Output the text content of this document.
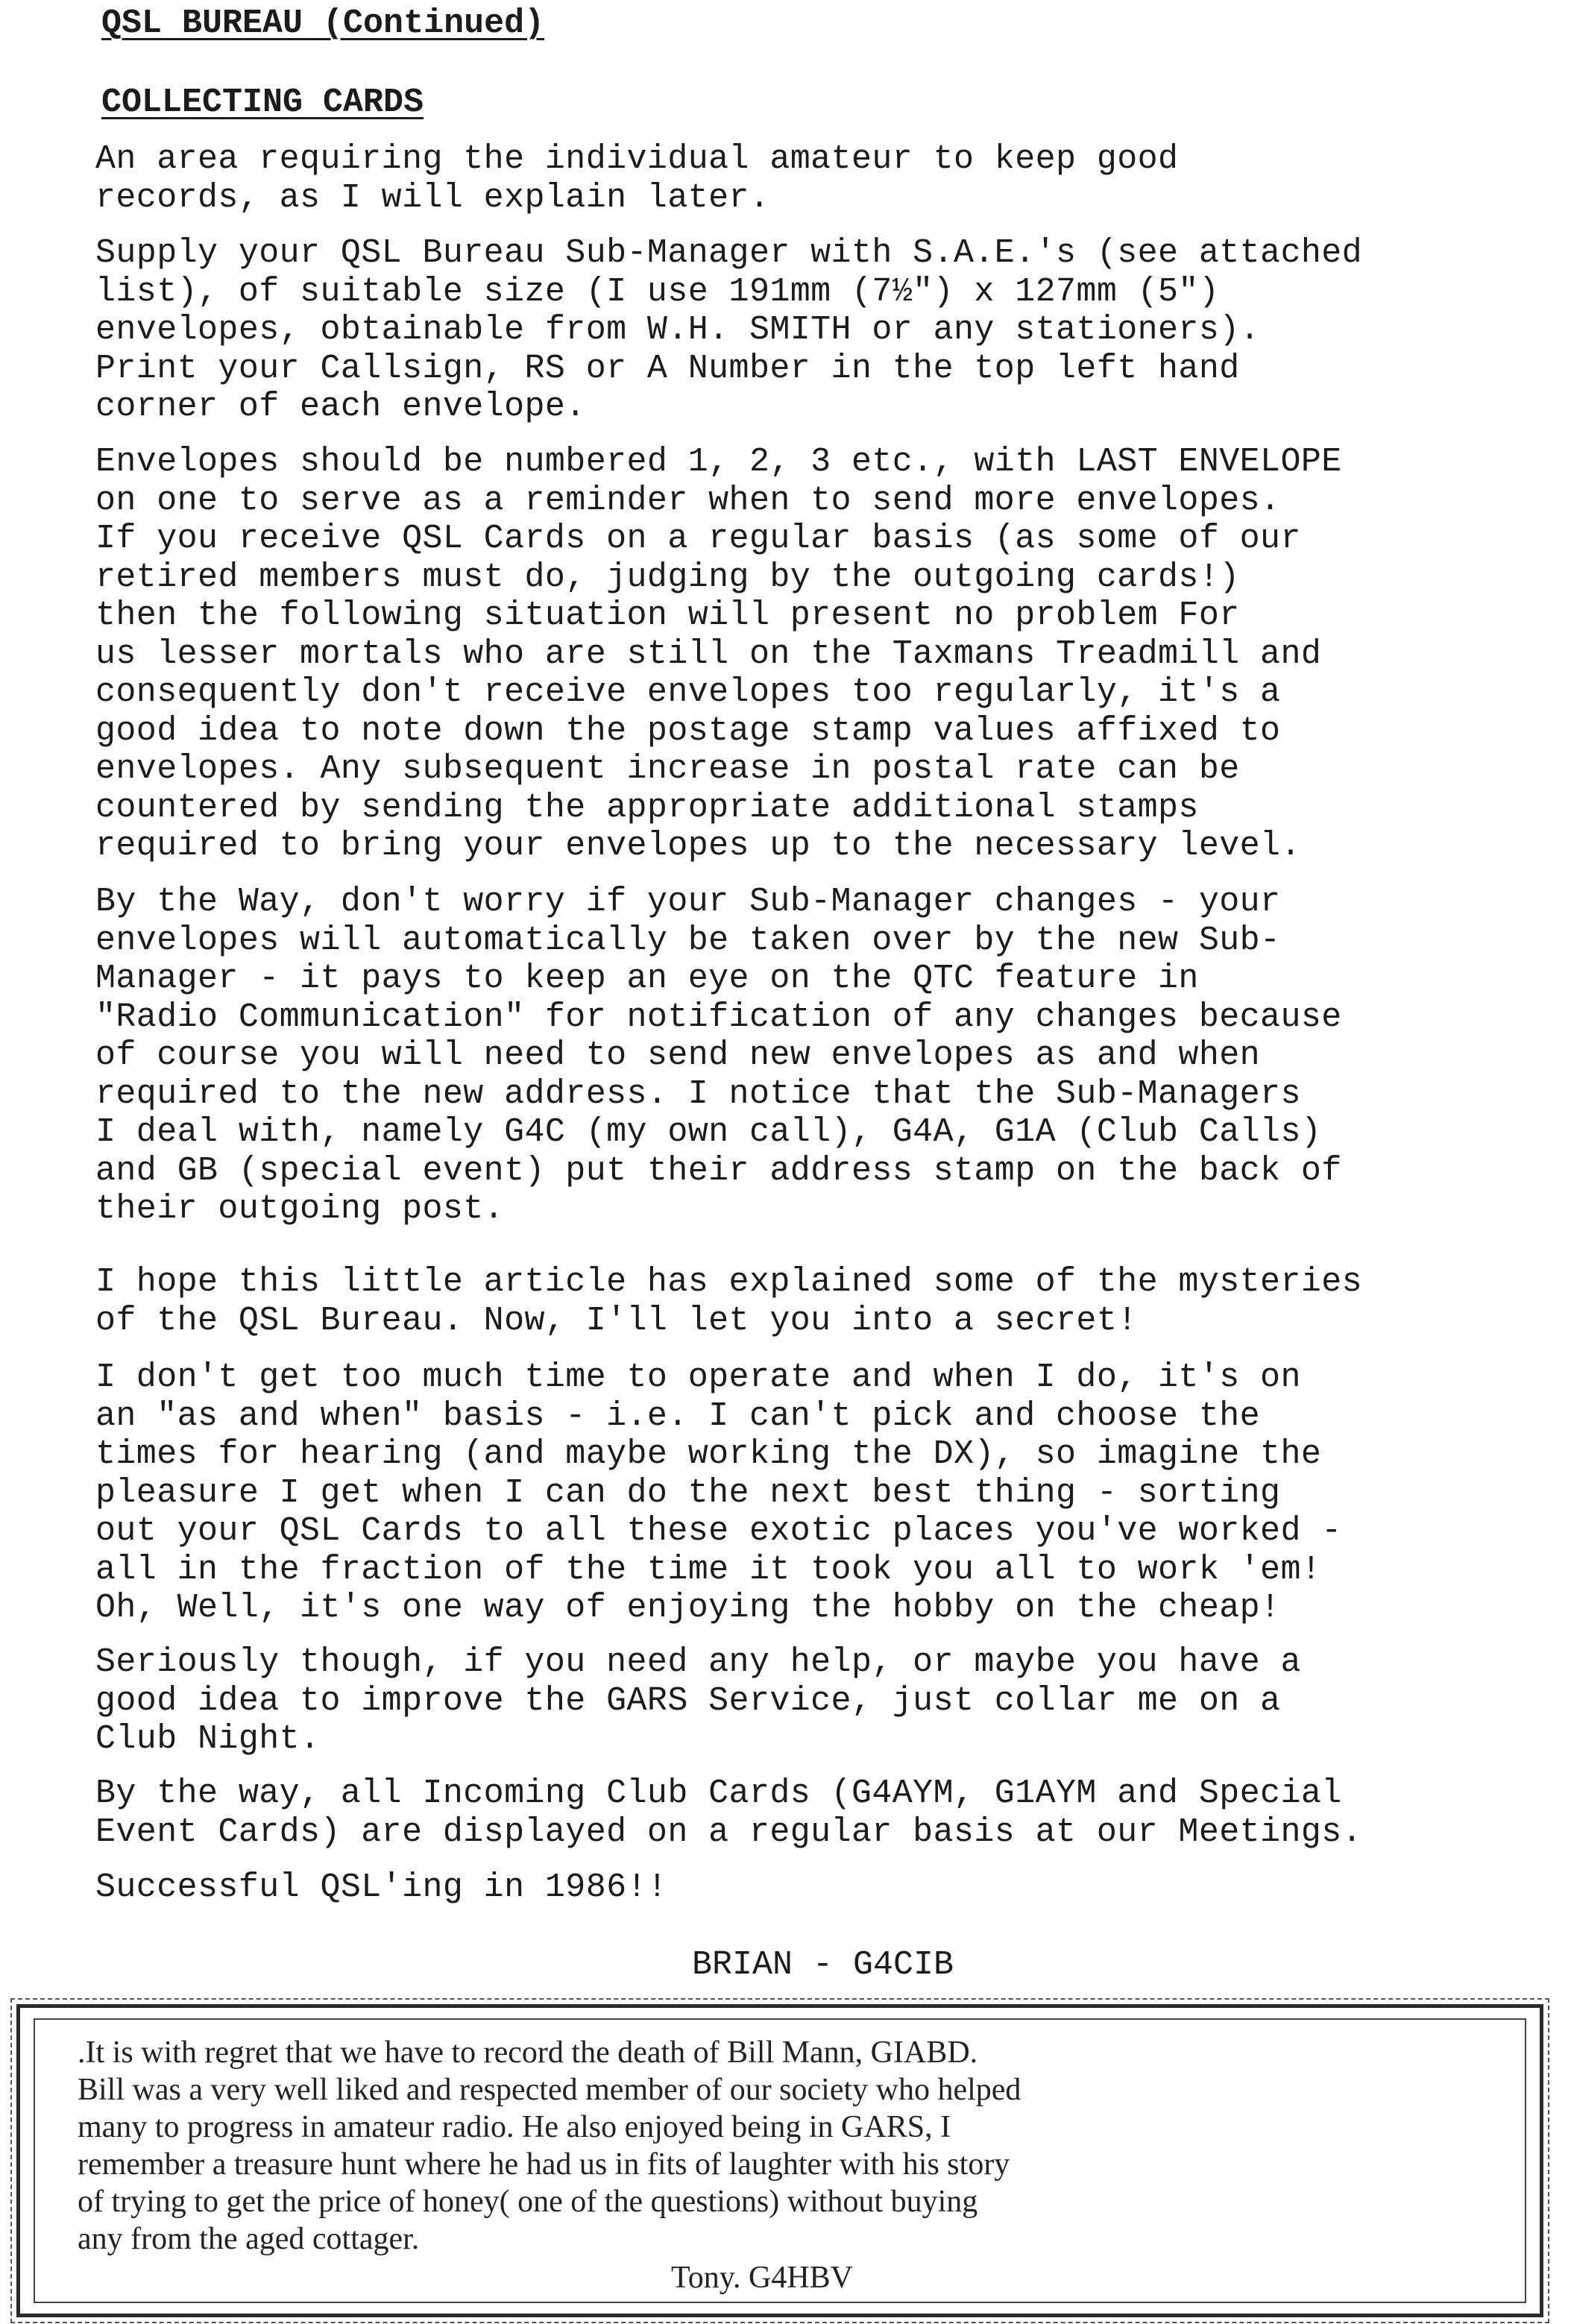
QSL BUREAU (Continued)
COLLECTING CARDS
An area requiring the individual amateur to keep good
records, as I will explain later.
Supply your QSL Bureau Sub-Manager with S.A.E.'s (see attached
list), of suitable size (I use 191mm (7½") x 127mm (5")
envelopes, obtainable from W.H. SMITH or any stationers).
Print your Callsign, RS or A Number in the top left hand
corner of each envelope.
Envelopes should be numbered 1, 2, 3 etc., with LAST ENVELOPE
on one to serve as a reminder when to send more envelopes.
If you receive QSL Cards on a regular basis (as some of our
retired members must do, judging by the outgoing cards!)
then the following situation will present no problem For
us lesser mortals who are still on the Taxmans Treadmill and
consequently don't receive envelopes too regularly, it's a
good idea to note down the postage stamp values affixed to
envelopes. Any subsequent increase in postal rate can be
countered by sending the appropriate additional stamps
required to bring your envelopes up to the necessary level.
By the Way, don't worry if your Sub-Manager changes - your
envelopes will automatically be taken over by the new Sub-
Manager - it pays to keep an eye on the QTC feature in
"Radio Communication" for notification of any changes because
of course you will need to send new envelopes as and when
required to the new address. I notice that the Sub-Managers
I deal with, namely G4C (my own call), G4A, G1A (Club Calls)
and GB (special event) put their address stamp on the back of
their outgoing post.
I hope this little article has explained some of the mysteries
of the QSL Bureau. Now, I'll let you into a secret!
I don't get too much time to operate and when I do, it's on
an "as and when" basis - i.e. I can't pick and choose the
times for hearing (and maybe working the DX), so imagine the
pleasure I get when I can do the next best thing - sorting
out your QSL Cards to all these exotic places you've worked -
all in the fraction of the time it took you all to work 'em!
Oh, Well, it's one way of enjoying the hobby on the cheap!
Seriously though, if you need any help, or maybe you have a
good idea to improve the GARS Service, just collar me on a
Club Night.
By the way, all Incoming Club Cards (G4AYM, G1AYM and Special
Event Cards) are displayed on a regular basis at our Meetings.
Successful QSL'ing in 1986!!
BRIAN - G4CIB
.It is with regret that we have to record the death of Bill Mann, GIABD.
Bill was a very well liked and respected member of our society who helped
many to progress in amateur radio. He also enjoyed being in GARS, I
remember a treasure hunt where he had us in fits of laughter with his story
of trying to get the price of honey( one of the questions) without buying
any from the aged cottager.
Tony. G4HBV
